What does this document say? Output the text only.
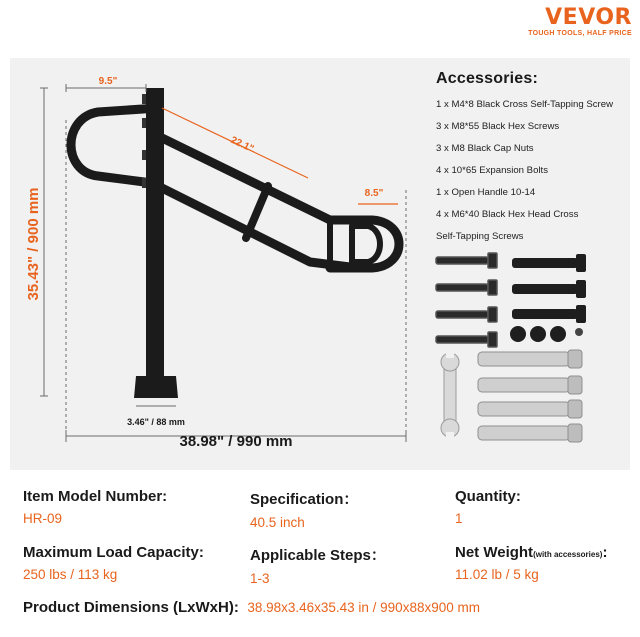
VEVOR
TOUGH TOOLS, HALF PRICE
9.5"
22.1"
8.5"
35.43" / 900 mm
3.46" / 88 mm
38.98" / 990 mm
Accessories:
1 x M4*8 Black Cross Self-Tapping Screw
3 x M8*55 Black Hex Screws
3 x M8 Black Cap Nuts
4 x 10*65 Expansion Bolts
1 x Open Handle 10-14
4 x M6*40 Black Hex Head Cross
Self-Tapping Screws
Item Model Number:
HR-09
Specification：
40.5 inch
Quantity:
1
Maximum Load Capacity:
250 lbs / 113 kg
Applicable Steps：
1-3
Net Weight(with accessories):
11.02 lb / 5 kg
Product Dimensions (LxWxH): 38.98x3.46x35.43 in / 990x88x900 mm
